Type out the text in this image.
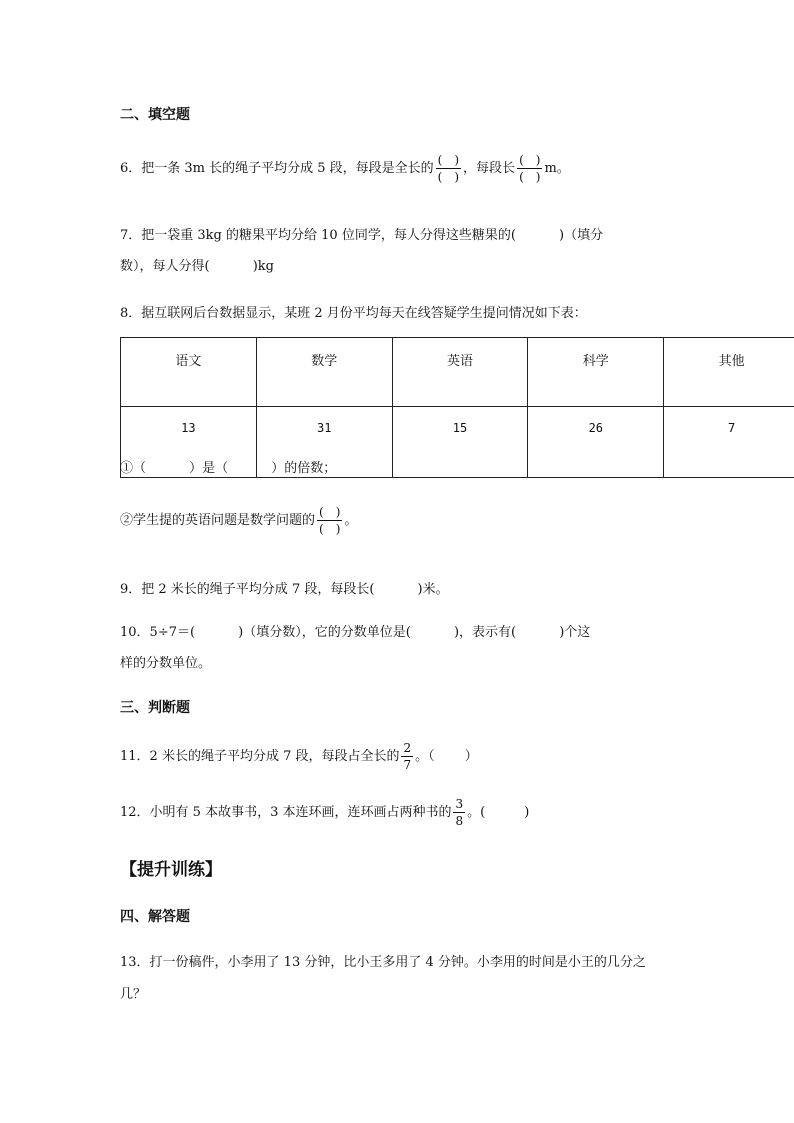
二、填空题
6．把一条 3m 长的绳子平均分成 5 段，每段是全长的 $\frac{( )}{( )}$ ，每段长 $\frac{( )}{( )}$ m。
7．把一袋重 3kg 的糖果平均分给 10 位同学，每人分得这些糖果的(　　　 )（填分
数），每人分得(　　　 )kg
8．据互联网后台数据显示，某班 2 月份平均每天在线答疑学生提问情况如下表：
语文	数学	英语	科学	其他
13	31	15	26	7
①（　　　 ）是（　　　 ）的倍数；
②学生提的英语问题是数学问题的 $\frac{( )}{( )}$ 。
9．把 2 米长的绳子平均分成 7 段，每段长(　　　 )米。
10．5÷7＝(　　　 )（填分数），它的分数单位是(　　　 )，表示有(　　　 )个这
样的分数单位。
三、判断题
11．2 米长的绳子平均分成 7 段，每段占全长的 $\frac{2}{7}$ 。（　　 ）
12．小明有 5 本故事书，3 本连环画，连环画占两种书的 $\frac{3}{8}$ 。(　　　)
【提升训练】
四、解答题
13．打一份稿件，小李用了 13 分钟，比小王多用了 4 分钟。小李用的时间是小王的几分之
几？
